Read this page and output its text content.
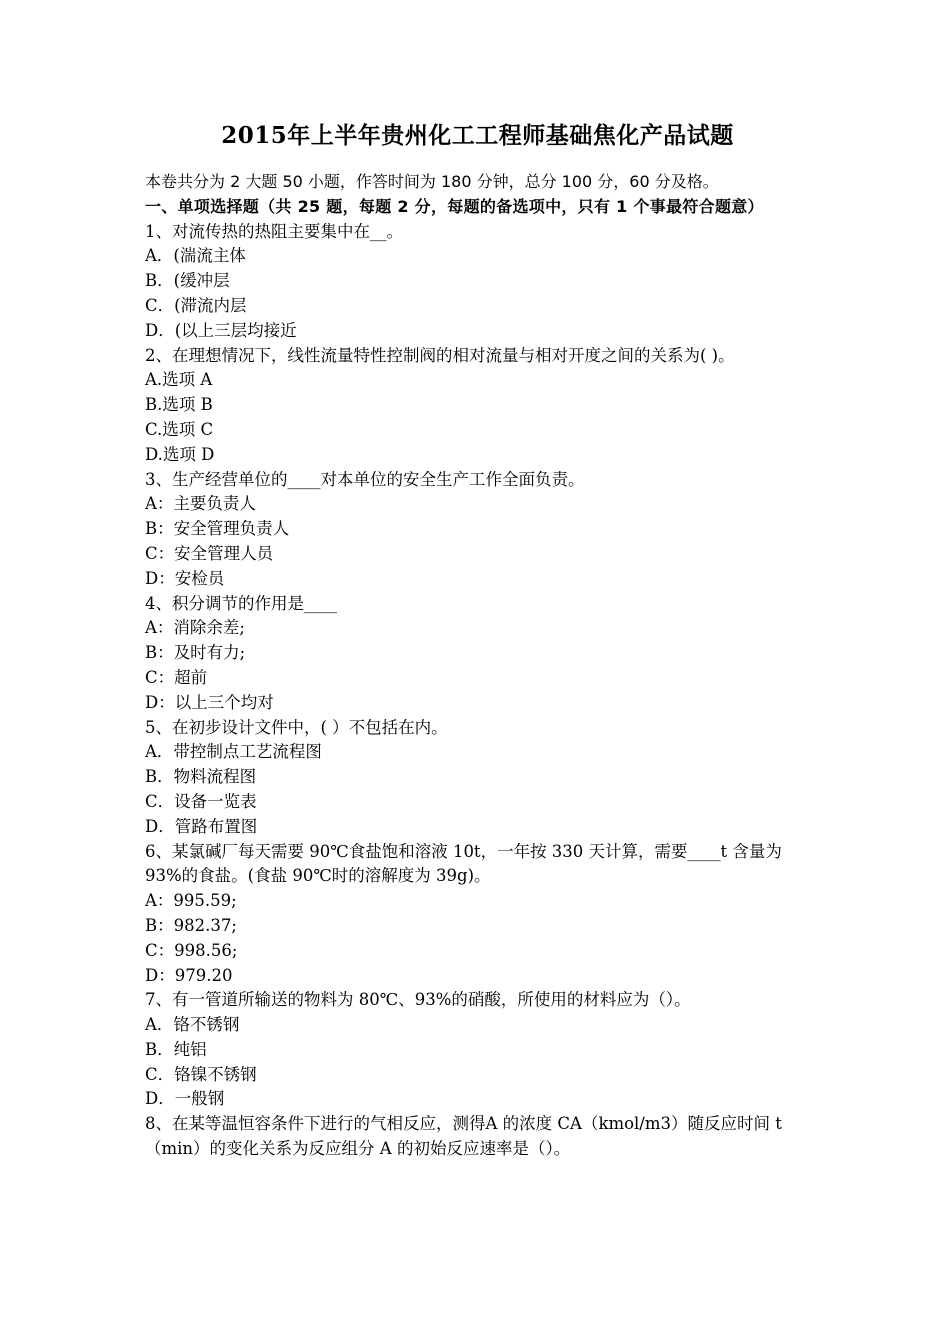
2015年上半年贵州化工工程师基础焦化产品试题
本卷共分为 2 大题 50 小题，作答时间为 180 分钟，总分 100 分，60 分及格。
一、单项选择题（共 25 题，每题 2 分，每题的备选项中，只有 1 个事最符合题意）
1、对流传热的热阻主要集中在__。
A．(湍流主体
B．(缓冲层
C．(滞流内层
D．(以上三层均接近
2、在理想情况下，线性流量特性控制阀的相对流量与相对开度之间的关系为( )。
A.选项 A
B.选项 B
C.选项 C
D.选项 D
3、生产经营单位的____对本单位的安全生产工作全面负责。
A：主要负责人
B：安全管理负责人
C：安全管理人员
D：安检员
4、积分调节的作用是____
A：消除余差;
B：及时有力;
C：超前
D：以上三个均对
5、在初步设计文件中，( ）不包括在内。
A．带控制点工艺流程图
B．物料流程图
C．设备一览表
D．管路布置图
6、某氯碱厂每天需要 90℃食盐饱和溶液 10t，一年按 330 天计算，需要____t 含量为 93%的食盐。(食盐 90℃时的溶解度为 39g)。
A：995.59;
B：982.37;
C：998.56;
D：979.20
7、有一管道所输送的物料为 80℃、93%的硝酸，所使用的材料应为（）。
A．铬不锈钢
B．纯铝
C．铬镍不锈钢
D．一般钢
8、在某等温恒容条件下进行的气相反应，测得A 的浓度 CA（kmol/m3）随反应时间 t（min）的变化关系为反应组分 A 的初始反应速率是（）。
